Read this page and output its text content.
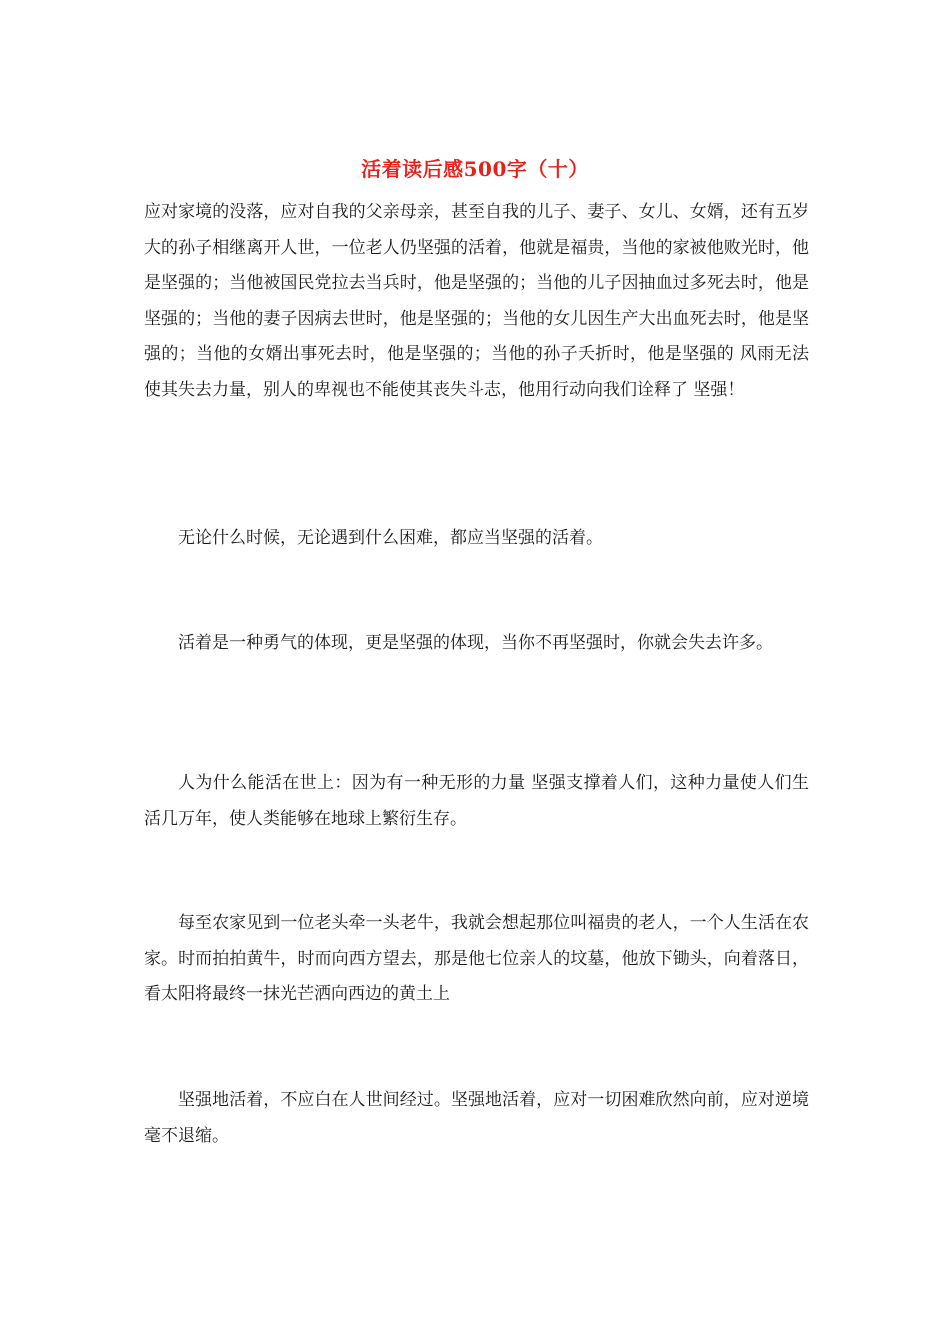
活着读后感500字（十）

应对家境的没落，应对自我的父亲母亲，甚至自我的儿子、妻子、女儿、女婿，还有五岁大的孙子相继离开人世，一位老人仍坚强的活着，他就是福贵，当他的家被他败光时，他是坚强的；当他被国民党拉去当兵时，他是坚强的；当他的儿子因抽血过多死去时，他是坚强的；当他的妻子因病去世时，他是坚强的；当他的女儿因生产大出血死去时，他是坚强的；当他的女婿出事死去时，他是坚强的；当他的孙子夭折时，他是坚强的 风雨无法使其失去力量，别人的卑视也不能使其丧失斗志，他用行动向我们诠释了 坚强！

无论什么时候，无论遇到什么困难，都应当坚强的活着。

活着是一种勇气的体现，更是坚强的体现，当你不再坚强时，你就会失去许多。

人为什么能活在世上：因为有一种无形的力量 坚强支撑着人们，这种力量使人们生活几万年，使人类能够在地球上繁衍生存。

每至农家见到一位老头牵一头老牛，我就会想起那位叫福贵的老人，一个人生活在农家。时而拍拍黄牛，时而向西方望去，那是他七位亲人的坟墓，他放下锄头，向着落日，看太阳将最终一抹光芒洒向西边的黄土上

坚强地活着，不应白在人世间经过。坚强地活着，应对一切困难欣然向前，应对逆境毫不退缩。
